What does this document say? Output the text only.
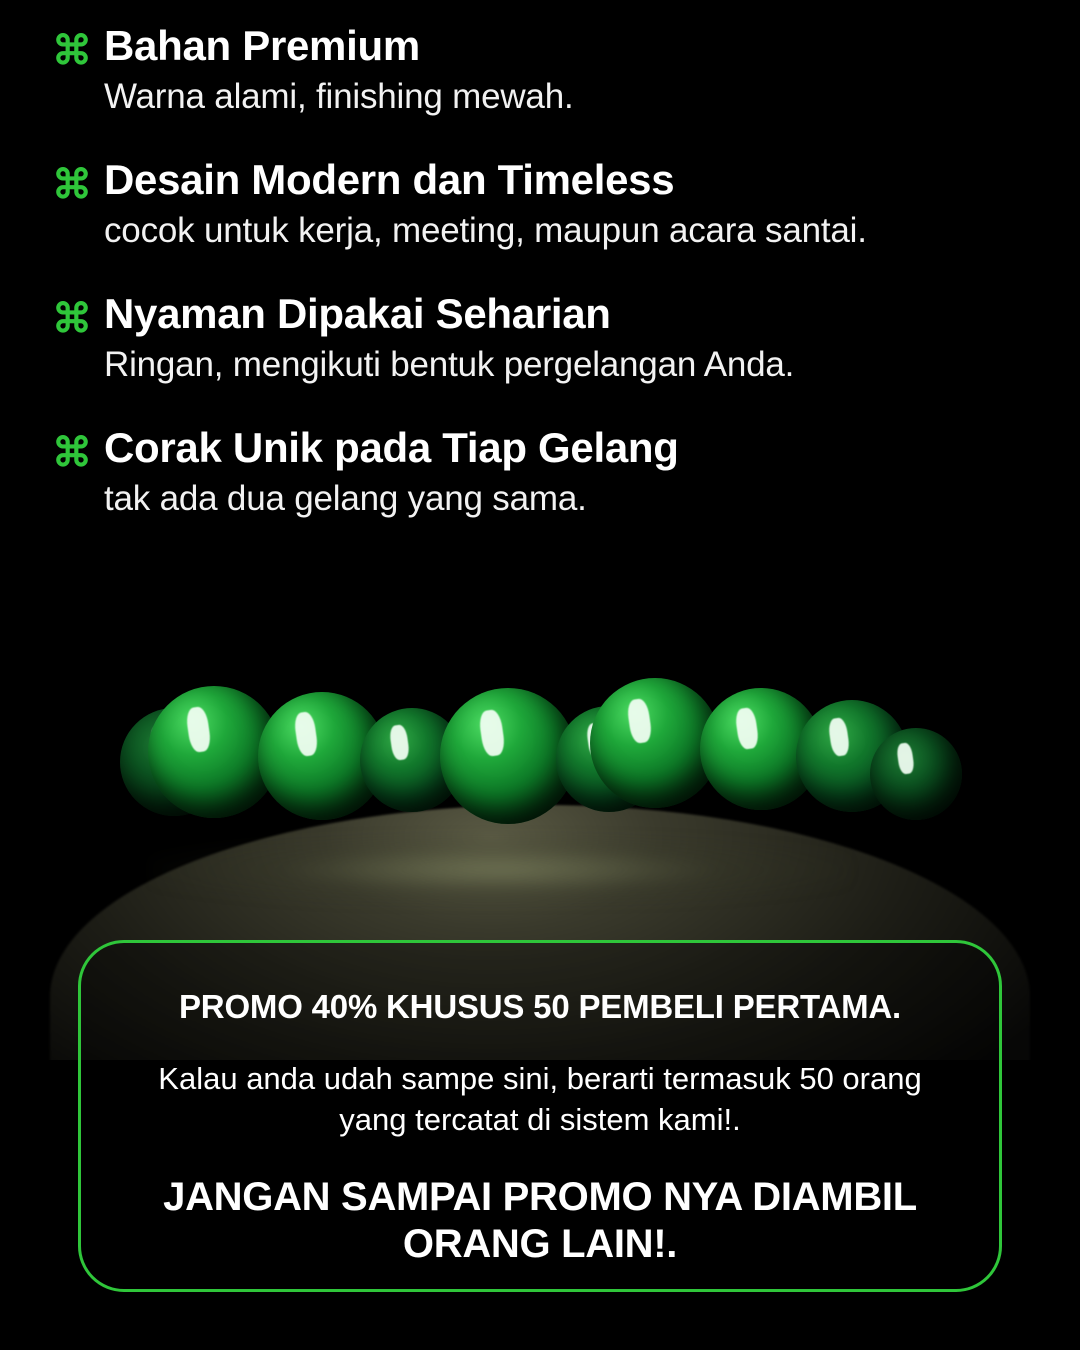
⌘ Bahan Premium
Warna alami, finishing mewah.
⌘ Desain Modern dan Timeless
cocok untuk kerja, meeting, maupun acara santai.
⌘ Nyaman Dipakai Seharian
Ringan, mengikuti bentuk pergelangan Anda.
⌘ Corak Unik pada Tiap Gelang
tak ada dua gelang yang sama.
PROMO 40% KHUSUS 50 PEMBELI PERTAMA.
Kalau anda udah sampe sini, berarti termasuk 50 orang yang tercatat di sistem kami!.
JANGAN SAMPAI PROMO NYA DIAMBIL ORANG LAIN!.
